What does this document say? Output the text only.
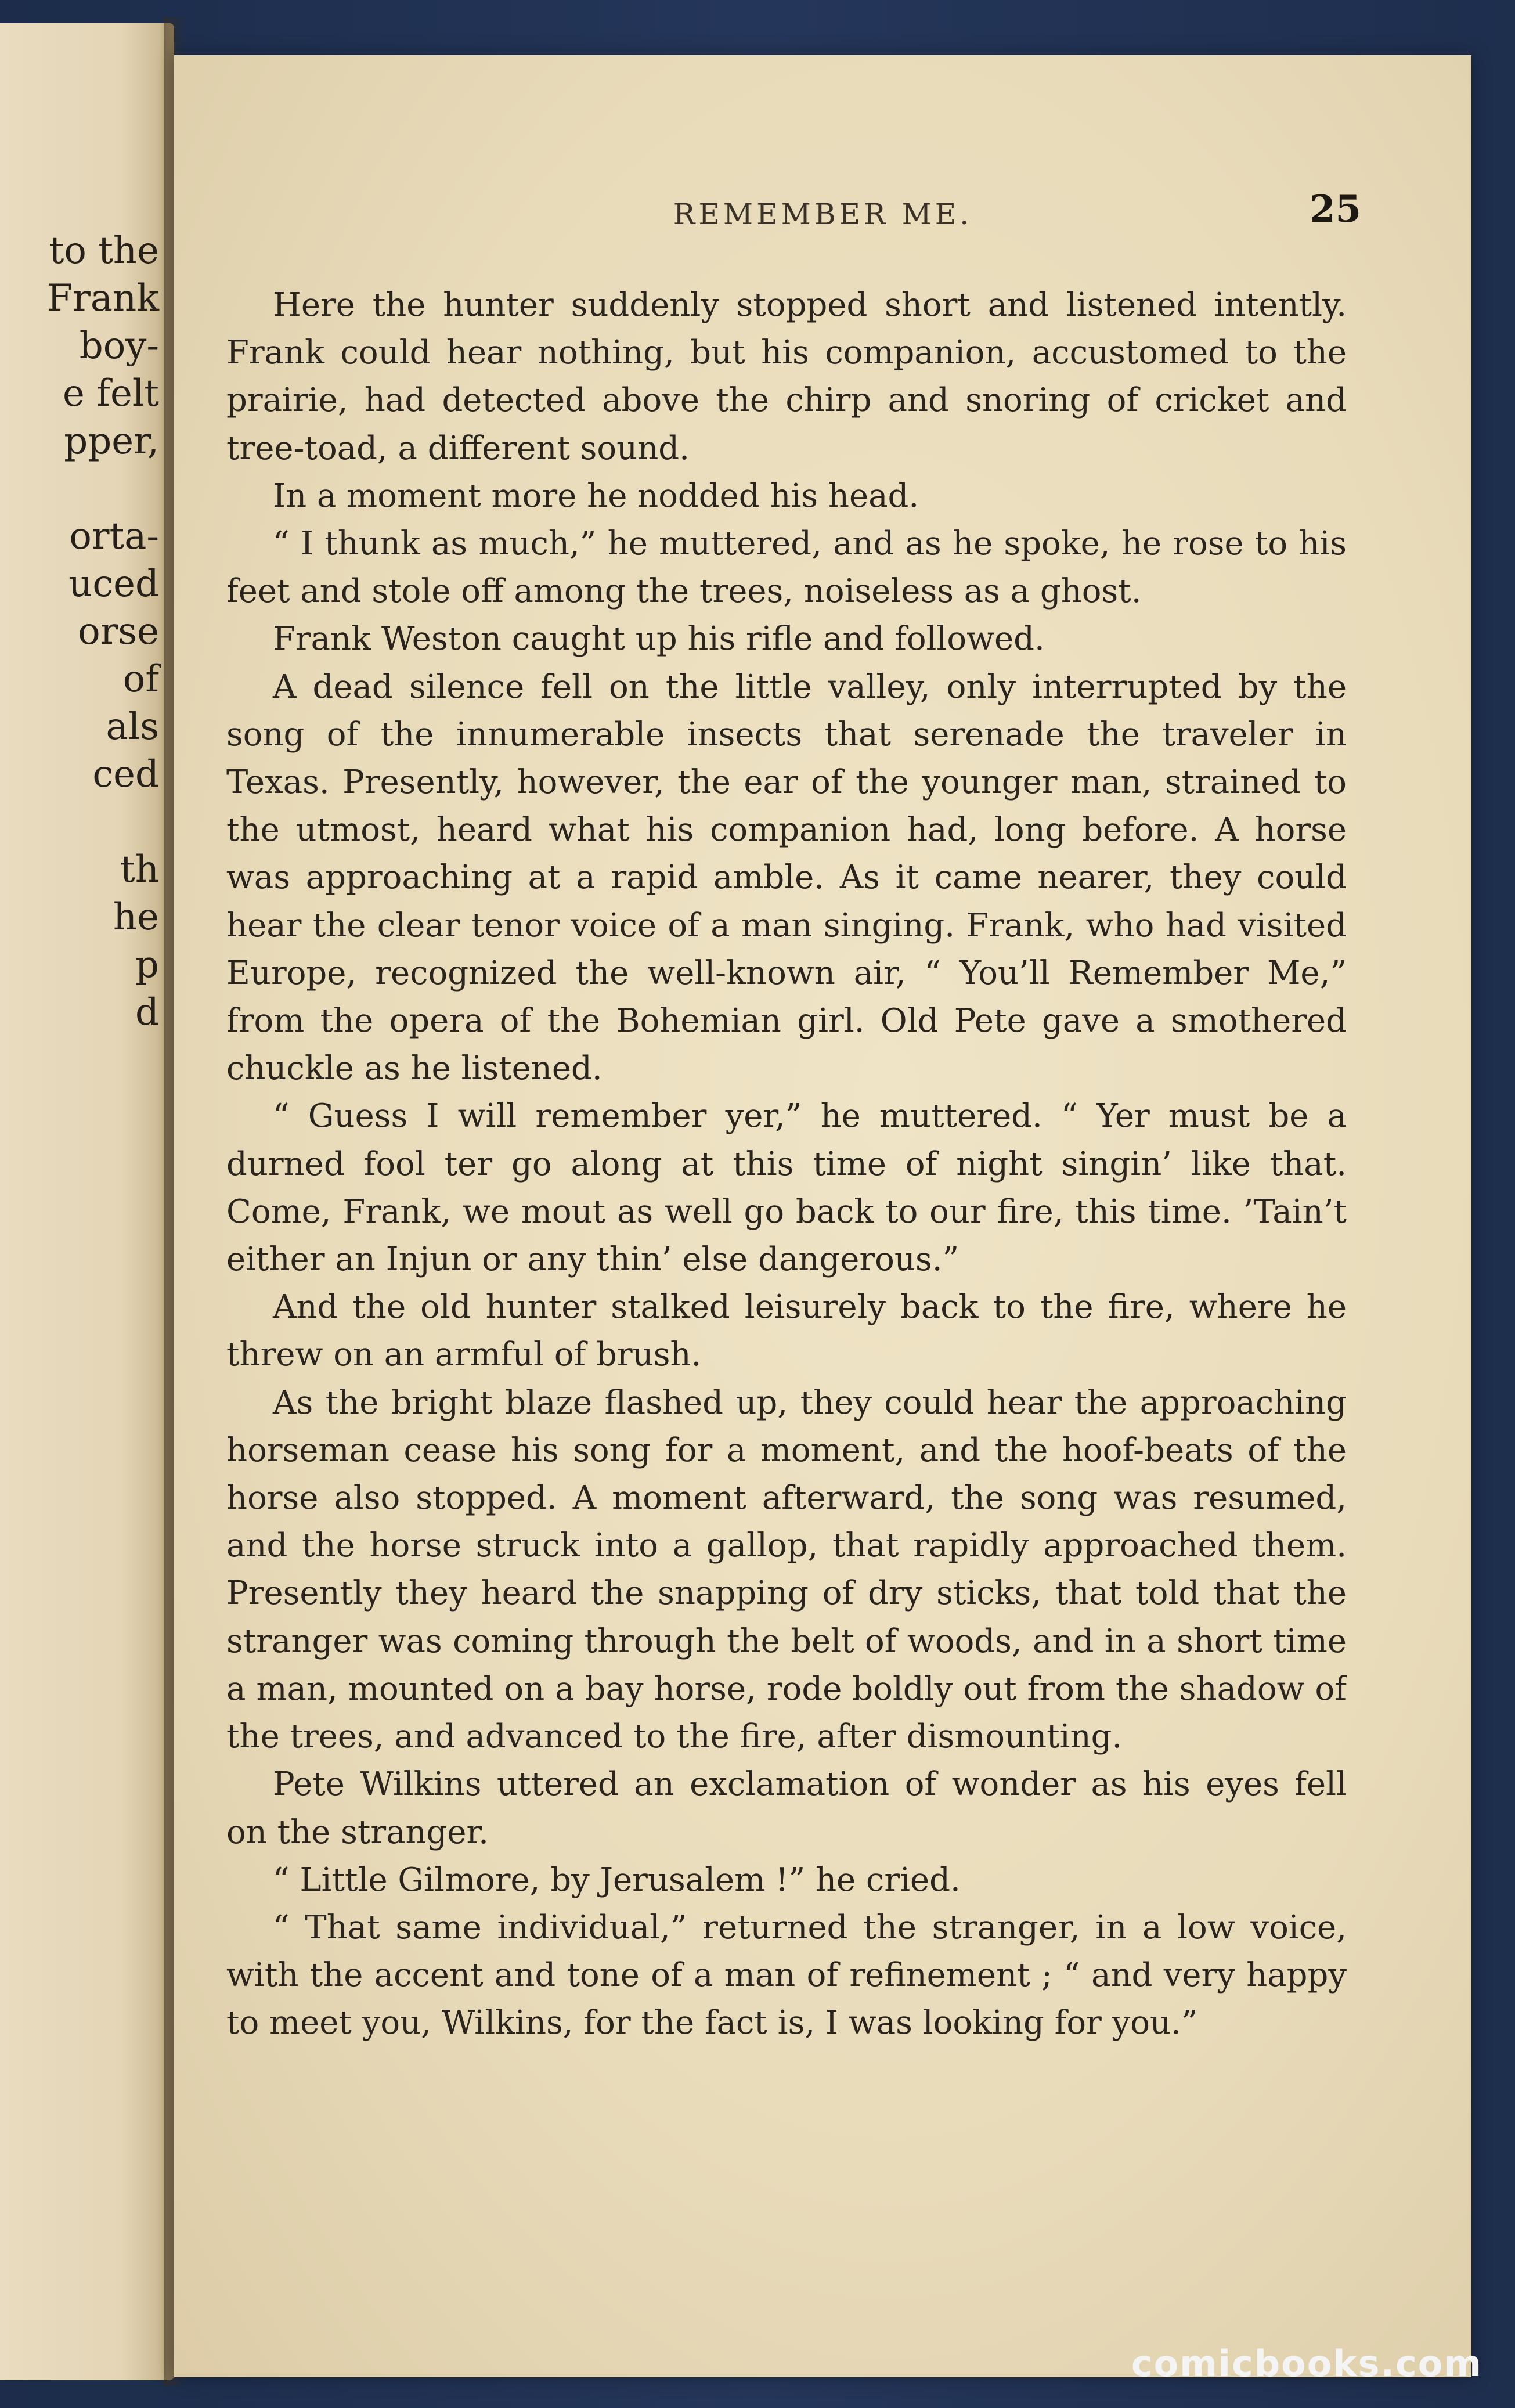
to the
Frank
boy-
e felt
pper,
orta-
uced
orse
of
als
ced
th
he
p
d
REMEMBER ME.	25

Here the hunter suddenly stopped short and listened intently. Frank could hear nothing, but his companion, accustomed to the prairie, had detected above the chirp and snoring of cricket and tree-toad, a different sound.

In a moment more he nodded his head.

“ I thunk as much,” he muttered, and as he spoke, he rose to his feet and stole off among the trees, noiseless as a ghost.

Frank Weston caught up his rifle and followed.

A dead silence fell on the little valley, only interrupted by the song of the innumerable insects that serenade the traveler in Texas. Presently, however, the ear of the younger man, strained to the utmost, heard what his companion had, long before. A horse was approaching at a rapid amble. As it came nearer, they could hear the clear tenor voice of a man singing. Frank, who had visited Europe, recognized the well-known air, “ You’ll Remember Me,” from the opera of the Bohemian girl. Old Pete gave a smothered chuckle as he listened.

“ Guess I will remember yer,” he muttered. “ Yer must be a durned fool ter go along at this time of night singin’ like that. Come, Frank, we mout as well go back to our fire, this time. ’Tain’t either an Injun or any thin’ else dangerous.”

And the old hunter stalked leisurely back to the fire, where he threw on an armful of brush.

As the bright blaze flashed up, they could hear the approaching horseman cease his song for a moment, and the hoof-beats of the horse also stopped. A moment afterward, the song was resumed, and the horse struck into a gallop, that rapidly approached them. Presently they heard the snapping of dry sticks, that told that the stranger was coming through the belt of woods, and in a short time a man, mounted on a bay horse, rode boldly out from the shadow of the trees, and advanced to the fire, after dismounting.

Pete Wilkins uttered an exclamation of wonder as his eyes fell on the stranger.

“ Little Gilmore, by Jerusalem !” he cried.

“ That same individual,” returned the stranger, in a low voice, with the accent and tone of a man of refinement ; “ and very happy to meet you, Wilkins, for the fact is, I was looking for you.”

comicbooks.com
